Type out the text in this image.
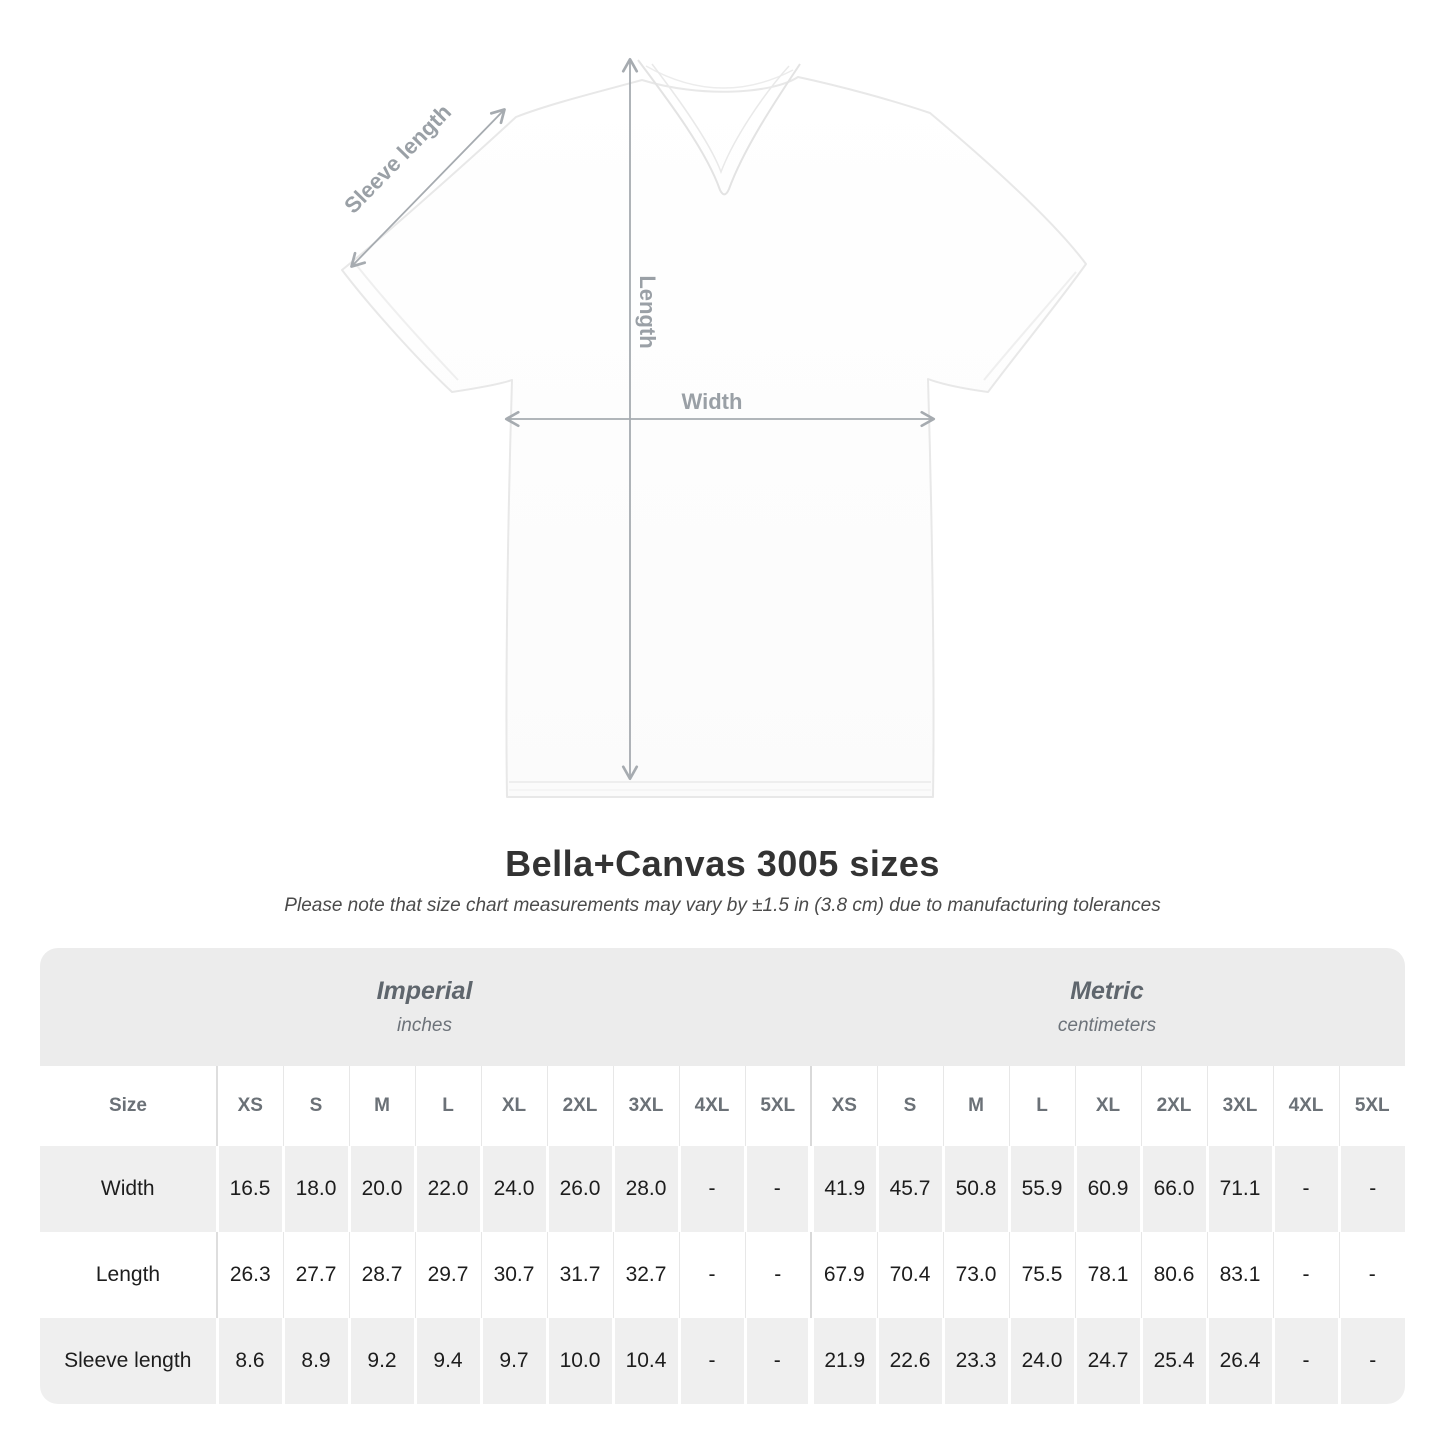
Width
Length
Sleeve length
Bella+Canvas 3005 sizes

Please note that size chart measurements may vary by ±1.5 in (3.8 cm) due to manufacturing tolerances

Imperial
inches
Metric
centimeters
Size	XS	S	M	L	XL	2XL	3XL	4XL	5XL	XS	S	M	L	XL	2XL	3XL	4XL	5XL
Width	16.5	18.0	20.0	22.0	24.0	26.0	28.0	-	-	41.9	45.7	50.8	55.9	60.9	66.0	71.1	-	-
Length	26.3	27.7	28.7	29.7	30.7	31.7	32.7	-	-	67.9	70.4	73.0	75.5	78.1	80.6	83.1	-	-
Sleeve length	8.6	8.9	9.2	9.4	9.7	10.0	10.4	-	-	21.9	22.6	23.3	24.0	24.7	25.4	26.4	-	-
